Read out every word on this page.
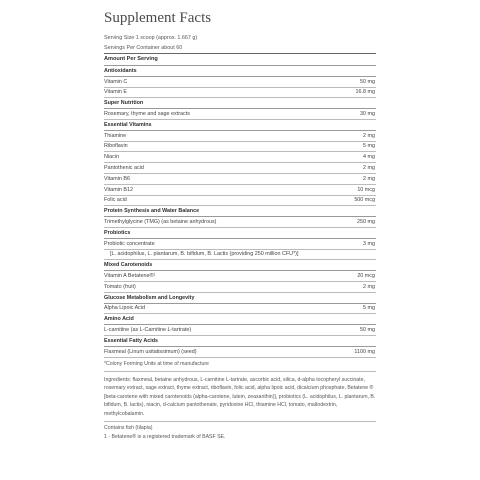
Supplement Facts
Serving Size 1 scoop (approx. 1.667 g)
Servings Per Container about 60
Amount Per Serving
Antioxidants
Vitamin C	50 mg
Vitamin E	16.8 mg
Super Nutrition
Rosemary, thyme and sage extracts	30 mg
Essential Vitamins
Thiamine	2 mg
Riboflavin	5 mg
Niacin	4 mg
Pantothenic acid	2 mg
Vitamin B6	2 mg
Vitamin B12	10 mcg
Folic acid	500 mcg
Protein Synthesis and Water Balance
Trimethylglycine (TMG) (as betaine anhydrous)	250 mg
Probiotics
Probiotic concentrate	3 mg
[L. acidophilus, L. plantarum, B. bifidum, B. Lactis (providing 250 million CFU*)]
Mixed Carotenoids
Vitamin A Betatene®¹	20 mcg
Tomato (fruit)	2 mg
Glucose Metabolism and Longevity
Alpha Lipoic Acid	5 mg
Amino Acid
L-carnitine (as L-Carnitine L-tartrate)	50 mg
Essential Fatty Acids
Flaxmeal (Linum usitatissimum) (seed)	1100 mg
*Colony Forming Units at time of manufacture
Ingredients: flaxmeal, betaine anhydrous, L-carnitine L-tartrate, ascorbic acid, silica, d-alpha tocopheryl succinate, rosemary extract, sage extract, thyme extract, riboflavin, folic acid, alpha lipoic acid, dicalcium phosphate, Betatene ® [beta-carotene with mixed carotenoids (alpha-carotene, lutein, zeaxanthin)], probiotics (L. acidophilus, L. plantarum, B. bifidum, B. lactis), niacin, d-calcium pantothenate, pyridoxine HCl, thiamine HCl, tomato, maltodextrin, methylcobalamin.
Contains fish (tilapia)
1 - Betatene® is a registered trademark of BASF SE.
